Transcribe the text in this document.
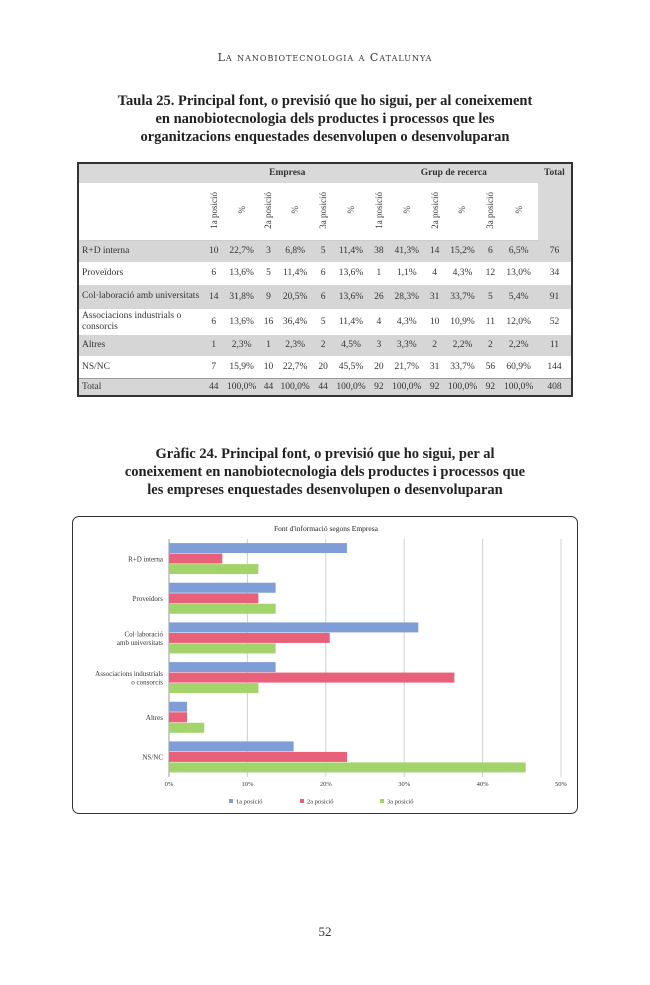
La nanobiotecnologia a Catalunya
Taula 25. Principal font, o previsió que ho sigui, per al coneixement
en nanobiotecnologia dels productes i processos que les
organitzacions enquestades desenvolupen o desenvoluparan
	Empresa						Grup de recerca						Total
	1a posició	%	2a posició	%	3a posició	%	1a posició	%	2a posició	%	3a posició	%	
R+D interna	10	22,7%	3	6,8%	5	11,4%	38	41,3%	14	15,2%	6	6,5%	76
Proveïdors	6	13,6%	5	11,4%	6	13,6%	1	1,1%	4	4,3%	12	13,0%	34
Col·laboració amb universitats	14	31,8%	9	20,5%	6	13,6%	26	28,3%	31	33,7%	5	5,4%	91
Associacions industrials o consorcis	6	13,6%	16	36,4%	5	11,4%	4	4,3%	10	10,9%	11	12,0%	52
Altres	1	2,3%	1	2,3%	2	4,5%	3	3,3%	2	2,2%	2	2,2%	11
NS/NC	7	15,9%	10	22,7%	20	45,5%	20	21,7%	31	33,7%	56	60,9%	144
Total	44	100,0%	44	100,0%	44	100,0%	92	100,0%	92	100,0%	92	100,0%	408
Gràfic 24. Principal font, o previsió que ho sigui, per al
coneixement en nanobiotecnologia dels productes i processos que
les empreses enquestades desenvolupen o desenvoluparan
Font d'informació segons Empresa
0%	10%	20%	30%	40%	50%
R+D interna
Proveïdors
Col·laboració
amb universitats
Associacions industrials
o consorcis
Altres
NS/NC
1a posició	2a posició	3a posició
52
